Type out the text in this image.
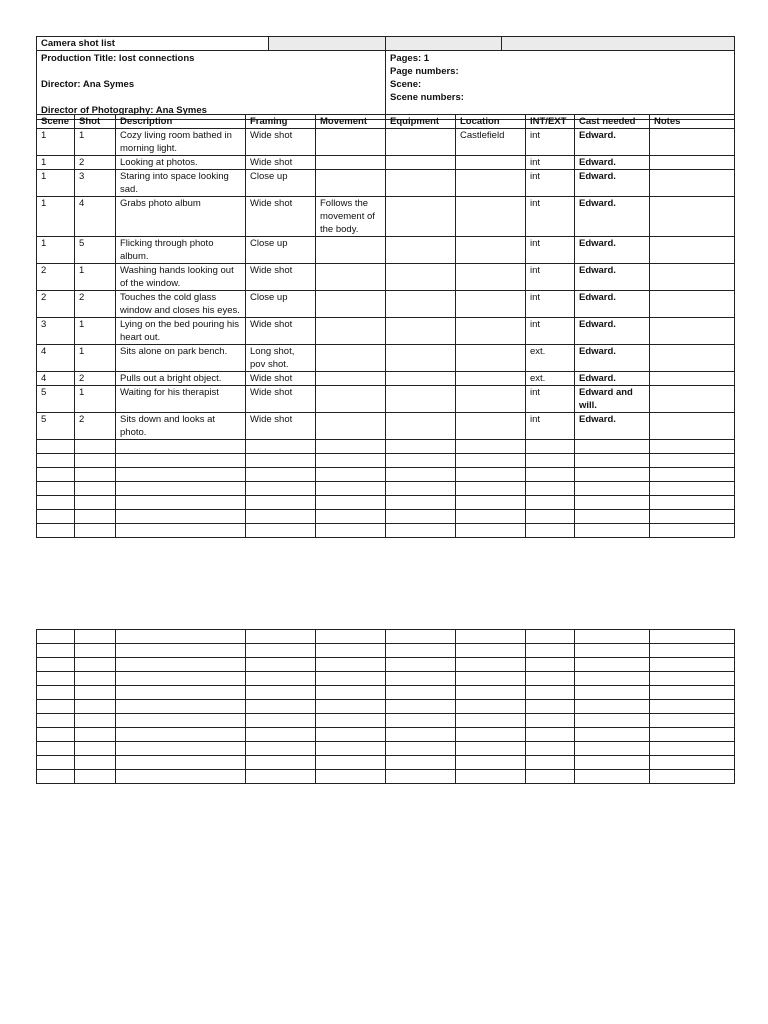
Camera shot list			

Production Title: lost connections
Director: Ana Symes
Director of Photography: Ana Symes		Pages: 1
Page numbers:
Scene:
Scene numbers:	
Scene	Shot	Description	Framing	Movement	Equipment	Location	INT/EXT	Cast needed	Notes
1	1	Cozy living room bathed in morning light.	Wide shot			Castlefield	int	Edward.	
1	2	Looking at photos.	Wide shot				int	Edward.	
1	3	Staring into space looking sad.	Close up				int	Edward.	
1	4	Grabs photo album	Wide shot	Follows the movement of the body.			int	Edward.	
1	5	Flicking through photo album.	Close up				int	Edward.	
2	1	Washing hands looking out of the window.	Wide shot				int	Edward.	
2	2	Touches the cold glass window and closes his eyes.	Close up				int	Edward.	
3	1	Lying on the bed pouring his heart out.	Wide shot				int	Edward.	
4	1	Sits alone on park bench.	Long shot, pov shot.				ext.	Edward.	
4	2	Pulls out a bright object.	Wide shot				ext.	Edward.	
5	1	Waiting for his therapist	Wide shot				int	Edward and will.	
5	2	Sits down and looks at photo.	Wide shot				int	Edward.	
